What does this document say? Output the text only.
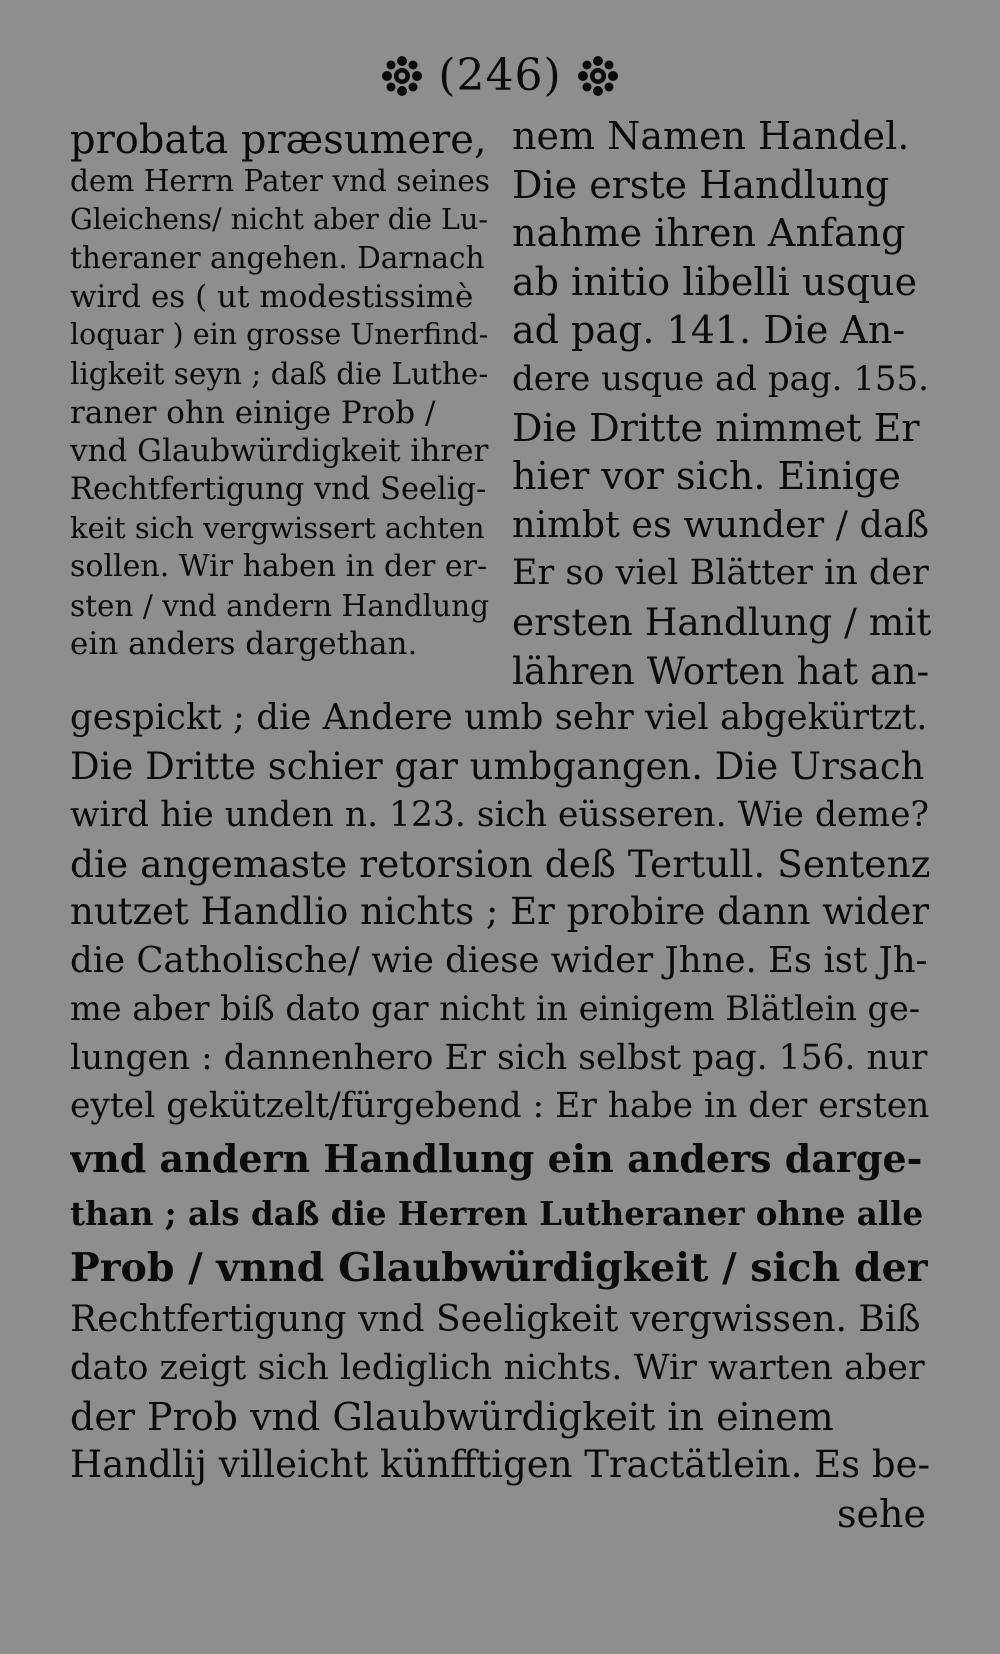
(246)
probata præsumere,
dem Herrn Pater vnd seines
Gleichens/ nicht aber die Lu-
theraner angehen. Darnach
wird es ( ut modestissimè
loquar ) ein grosse Unerfind-
ligkeit seyn ; daß die Luthe-
raner ohn einige Prob /
vnd Glaubwürdigkeit ihrer
Rechtfertigung vnd Seelig-
keit sich vergwissert achten
sollen. Wir haben in der er-
sten / vnd andern Handlung
ein anders dargethan.
nem Namen Handel.
Die erste Handlung
nahme ihren Anfang
ab initio libelli usque
ad pag. 141. Die An-
dere usque ad pag. 155.
Die Dritte nimmet Er
hier vor sich. Einige
nimbt es wunder / daß
Er so viel Blätter in der
ersten Handlung / mit
lähren Worten hat an-
gespickt ; die Andere umb sehr viel abgekürtzt.
Die Dritte schier gar umbgangen. Die Ursach
wird hie unden n. 123. sich eüsseren. Wie deme?
die angemaste retorsion deß Tertull. Sentenz
nutzet Handlio nichts ; Er probire dann wider
die Catholische/ wie diese wider Jhne. Es ist Jh-
me aber biß dato gar nicht in einigem Blätlein ge-
lungen : dannenhero Er sich selbst pag. 156. nur
eytel gekützelt/fürgebend : Er habe in der ersten
vnd andern Handlung ein anders darge-
than ; als daß die Herren Lutheraner ohne alle
Prob / vnnd Glaubwürdigkeit / sich der
Rechtfertigung vnd Seeligkeit vergwissen. Biß
dato zeigt sich lediglich nichts. Wir warten aber
der Prob vnd Glaubwürdigkeit in einem
Handlij villeicht künfftigen Tractätlein. Es be-
sehe
